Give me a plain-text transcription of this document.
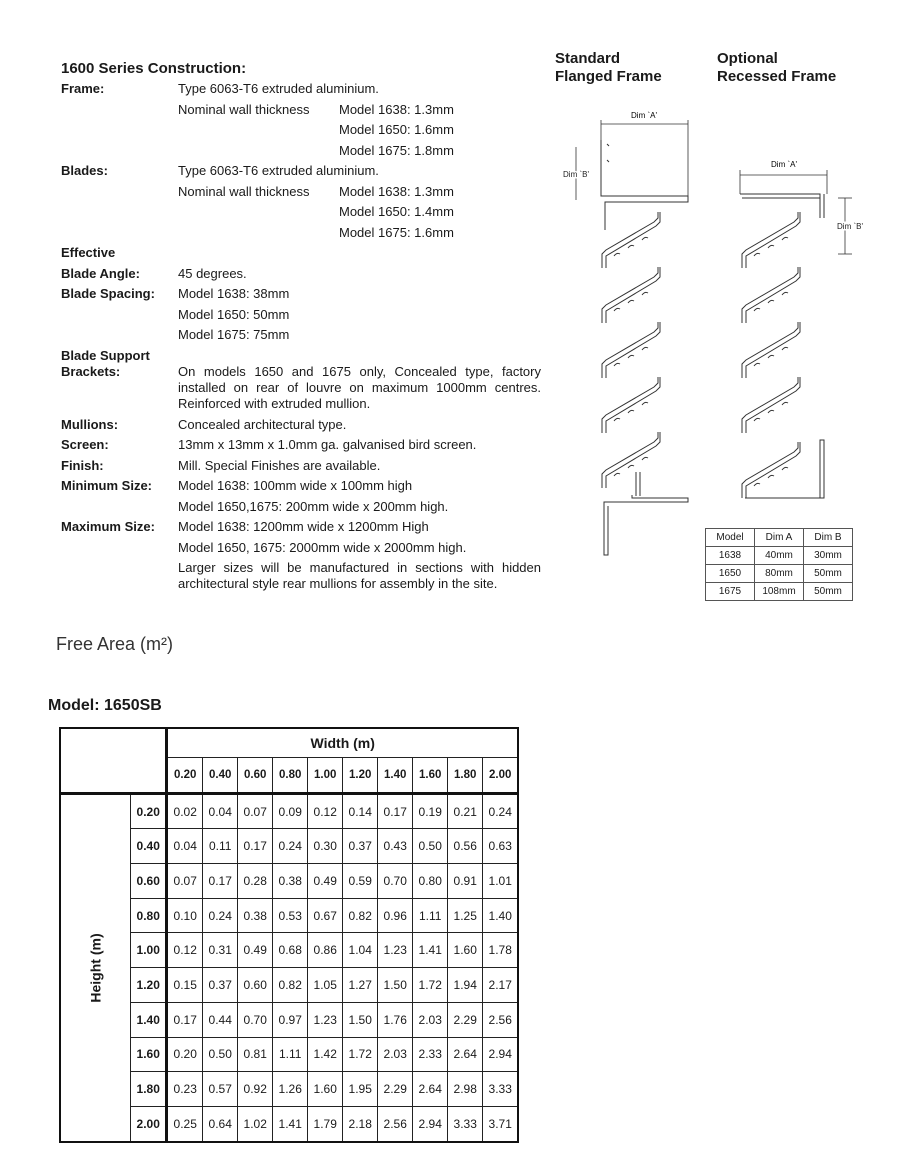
1600 Series Construction:
Frame:	Type 6063-T6 extruded aluminium.
Nominal wall thickness	Model 1638: 1.3mm
Model 1650: 1.6mm
Model 1675: 1.8mm
Blades:	Type 6063-T6 extruded aluminium.
Nominal wall thickness	Model 1638: 1.3mm
Model 1650: 1.4mm
Model 1675: 1.6mm
Effective

Blade Angle:	45 degrees.
Blade Spacing:	Model 1638: 38mm
Model 1650: 50mm
Model 1675: 75mm
Blade Support

Brackets:	On models 1650 and 1675 only, Concealed type, factory installed on rear of louvre on maximum 1000mm centres. Reinforced with extruded mullion.
Mullions:	Concealed architectural type.
Screen:	13mm x 13mm x 1.0mm ga. galvanised bird screen.
Finish:	Mill. Special Finishes are available.
Minimum Size:	Model 1638: 100mm wide x 100mm high
Model 1650,1675: 200mm wide x 200mm high.
Maximum Size:	Model 1638: 1200mm wide x 1200mm High
Model 1650, 1675: 2000mm wide x 2000mm high.
Larger sizes will be manufactured in sections with hidden architectural style rear mullions for assembly in the site.
Standard
Flanged Frame
Optional
Recessed Frame
Dim `A'
Dim `B'
Dim `A'
Dim `B'
Model	Dim A	Dim B
1638	40mm	30mm
1650	80mm	50mm
1675	108mm	50mm
Free Area (m²)
Model: 1650SB
		Width (m)									
		0.20	0.40	0.60	0.80	1.00	1.20	1.40	1.60	1.80	2.00
Height (m)	0.20	0.02	0.04	0.07	0.09	0.12	0.14	0.17	0.19	0.21	0.24
	0.40	0.04	0.11	0.17	0.24	0.30	0.37	0.43	0.50	0.56	0.63
	0.60	0.07	0.17	0.28	0.38	0.49	0.59	0.70	0.80	0.91	1.01
	0.80	0.10	0.24	0.38	0.53	0.67	0.82	0.96	1.11	1.25	1.40
	1.00	0.12	0.31	0.49	0.68	0.86	1.04	1.23	1.41	1.60	1.78
	1.20	0.15	0.37	0.60	0.82	1.05	1.27	1.50	1.72	1.94	2.17
	1.40	0.17	0.44	0.70	0.97	1.23	1.50	1.76	2.03	2.29	2.56
	1.60	0.20	0.50	0.81	1.11	1.42	1.72	2.03	2.33	2.64	2.94
	1.80	0.23	0.57	0.92	1.26	1.60	1.95	2.29	2.64	2.98	3.33
	2.00	0.25	0.64	1.02	1.41	1.79	2.18	2.56	2.94	3.33	3.71
